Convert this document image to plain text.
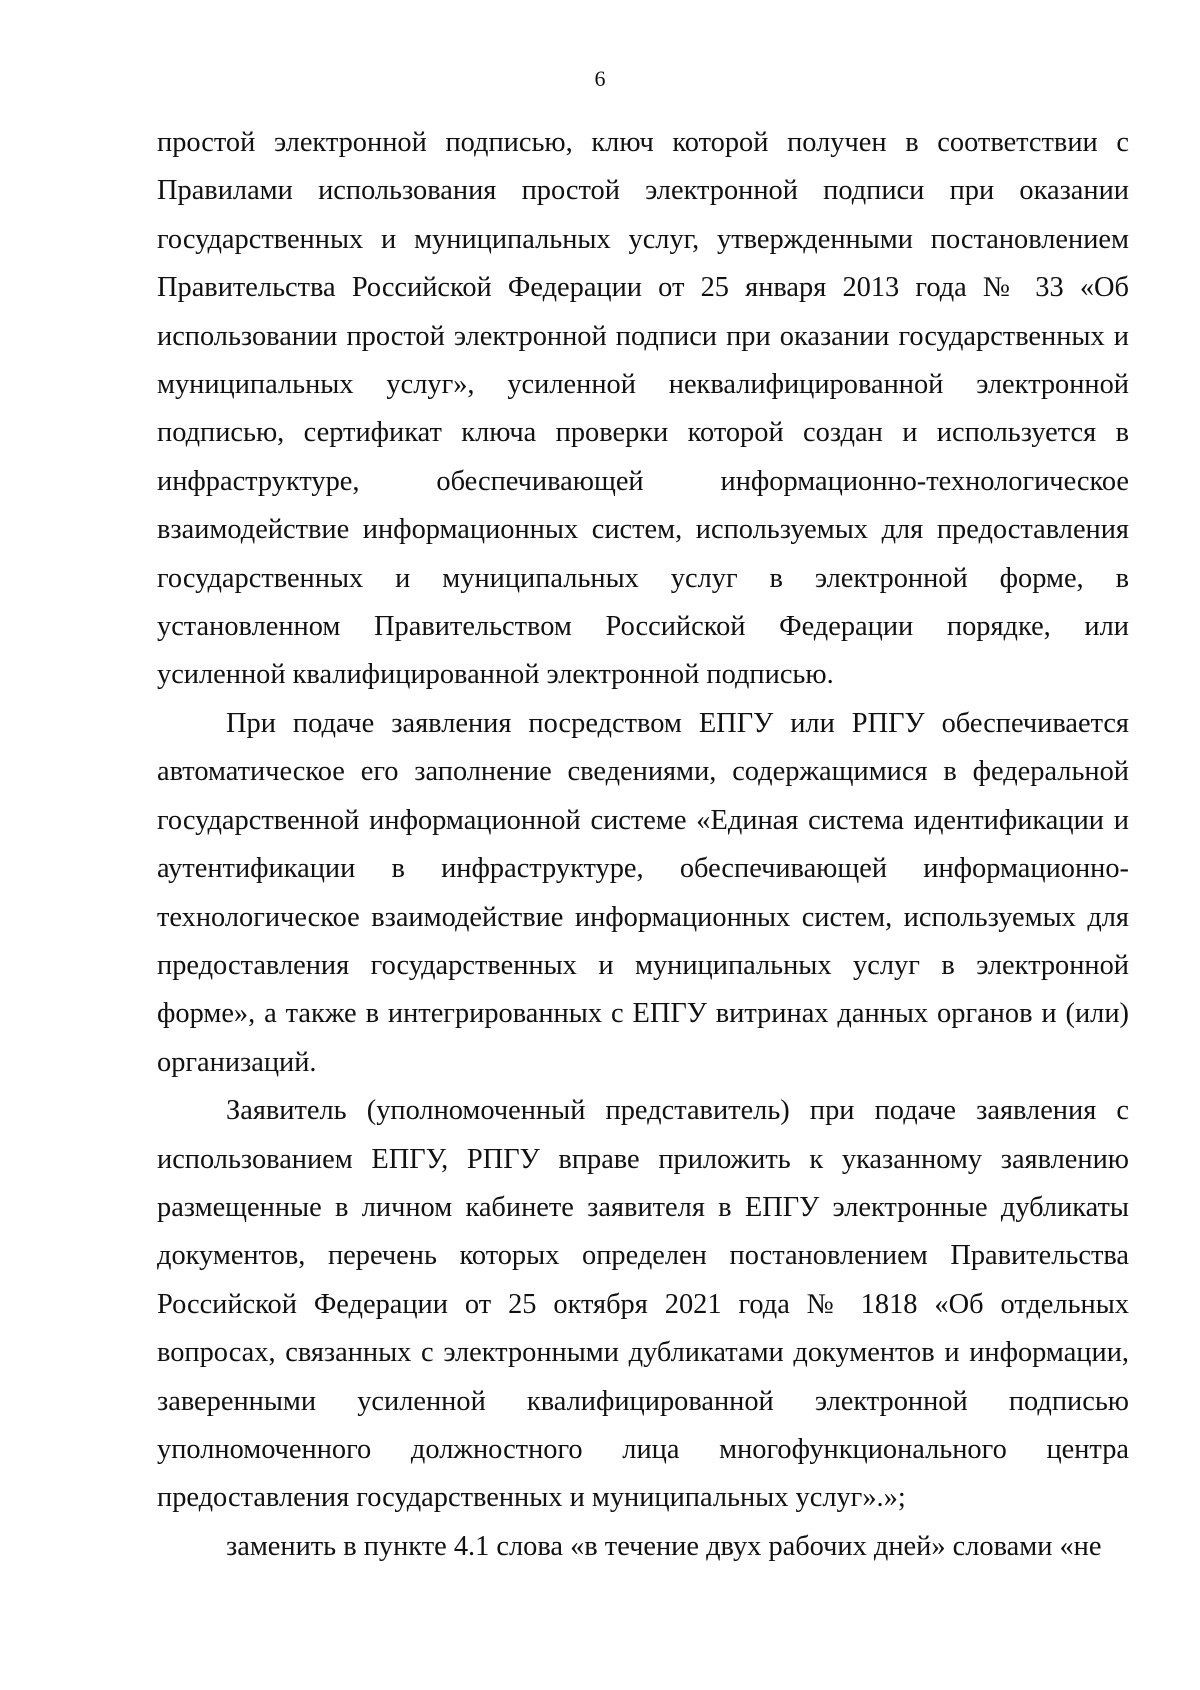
6

простой электронной подписью, ключ которой получен в соответствии с Правилами использования простой электронной подписи при оказании государственных и муниципальных услуг, утвержденными постановлением Правительства Российской Федерации от 25 января 2013 года № 33 «Об использовании простой электронной подписи при оказании государственных и муниципальных услуг», усиленной неквалифицированной электронной подписью, сертификат ключа проверки которой создан и используется в инфраструктуре, обеспечивающей информационно-технологическое взаимодействие информационных систем, используемых для предоставления государственных и муниципальных услуг в электронной форме, в установленном Правительством Российской Федерации порядке, или усиленной квалифицированной электронной подписью.

При подаче заявления посредством ЕПГУ или РПГУ обеспечивается автоматическое его заполнение сведениями, содержащимися в федеральной государственной информационной системе «Единая система идентификации и аутентификации в инфраструктуре, обеспечивающей информационно-технологическое взаимодействие информационных систем, используемых для предоставления государственных и муниципальных услуг в электронной форме», а также в интегрированных с ЕПГУ витринах данных органов и (или) организаций.

Заявитель (уполномоченный представитель) при подаче заявления с использованием ЕПГУ, РПГУ вправе приложить к указанному заявлению размещенные в личном кабинете заявителя в ЕПГУ электронные дубликаты документов, перечень которых определен постановлением Правительства Российской Федерации от 25 октября 2021 года № 1818 «Об отдельных вопросах, связанных с электронными дубликатами документов и информации, заверенными усиленной квалифицированной электронной подписью уполномоченного должностного лица многофункционального центра предоставления государственных и муниципальных услуг».»;

заменить в пункте 4.1 слова «в течение двух рабочих дней» словами «не
